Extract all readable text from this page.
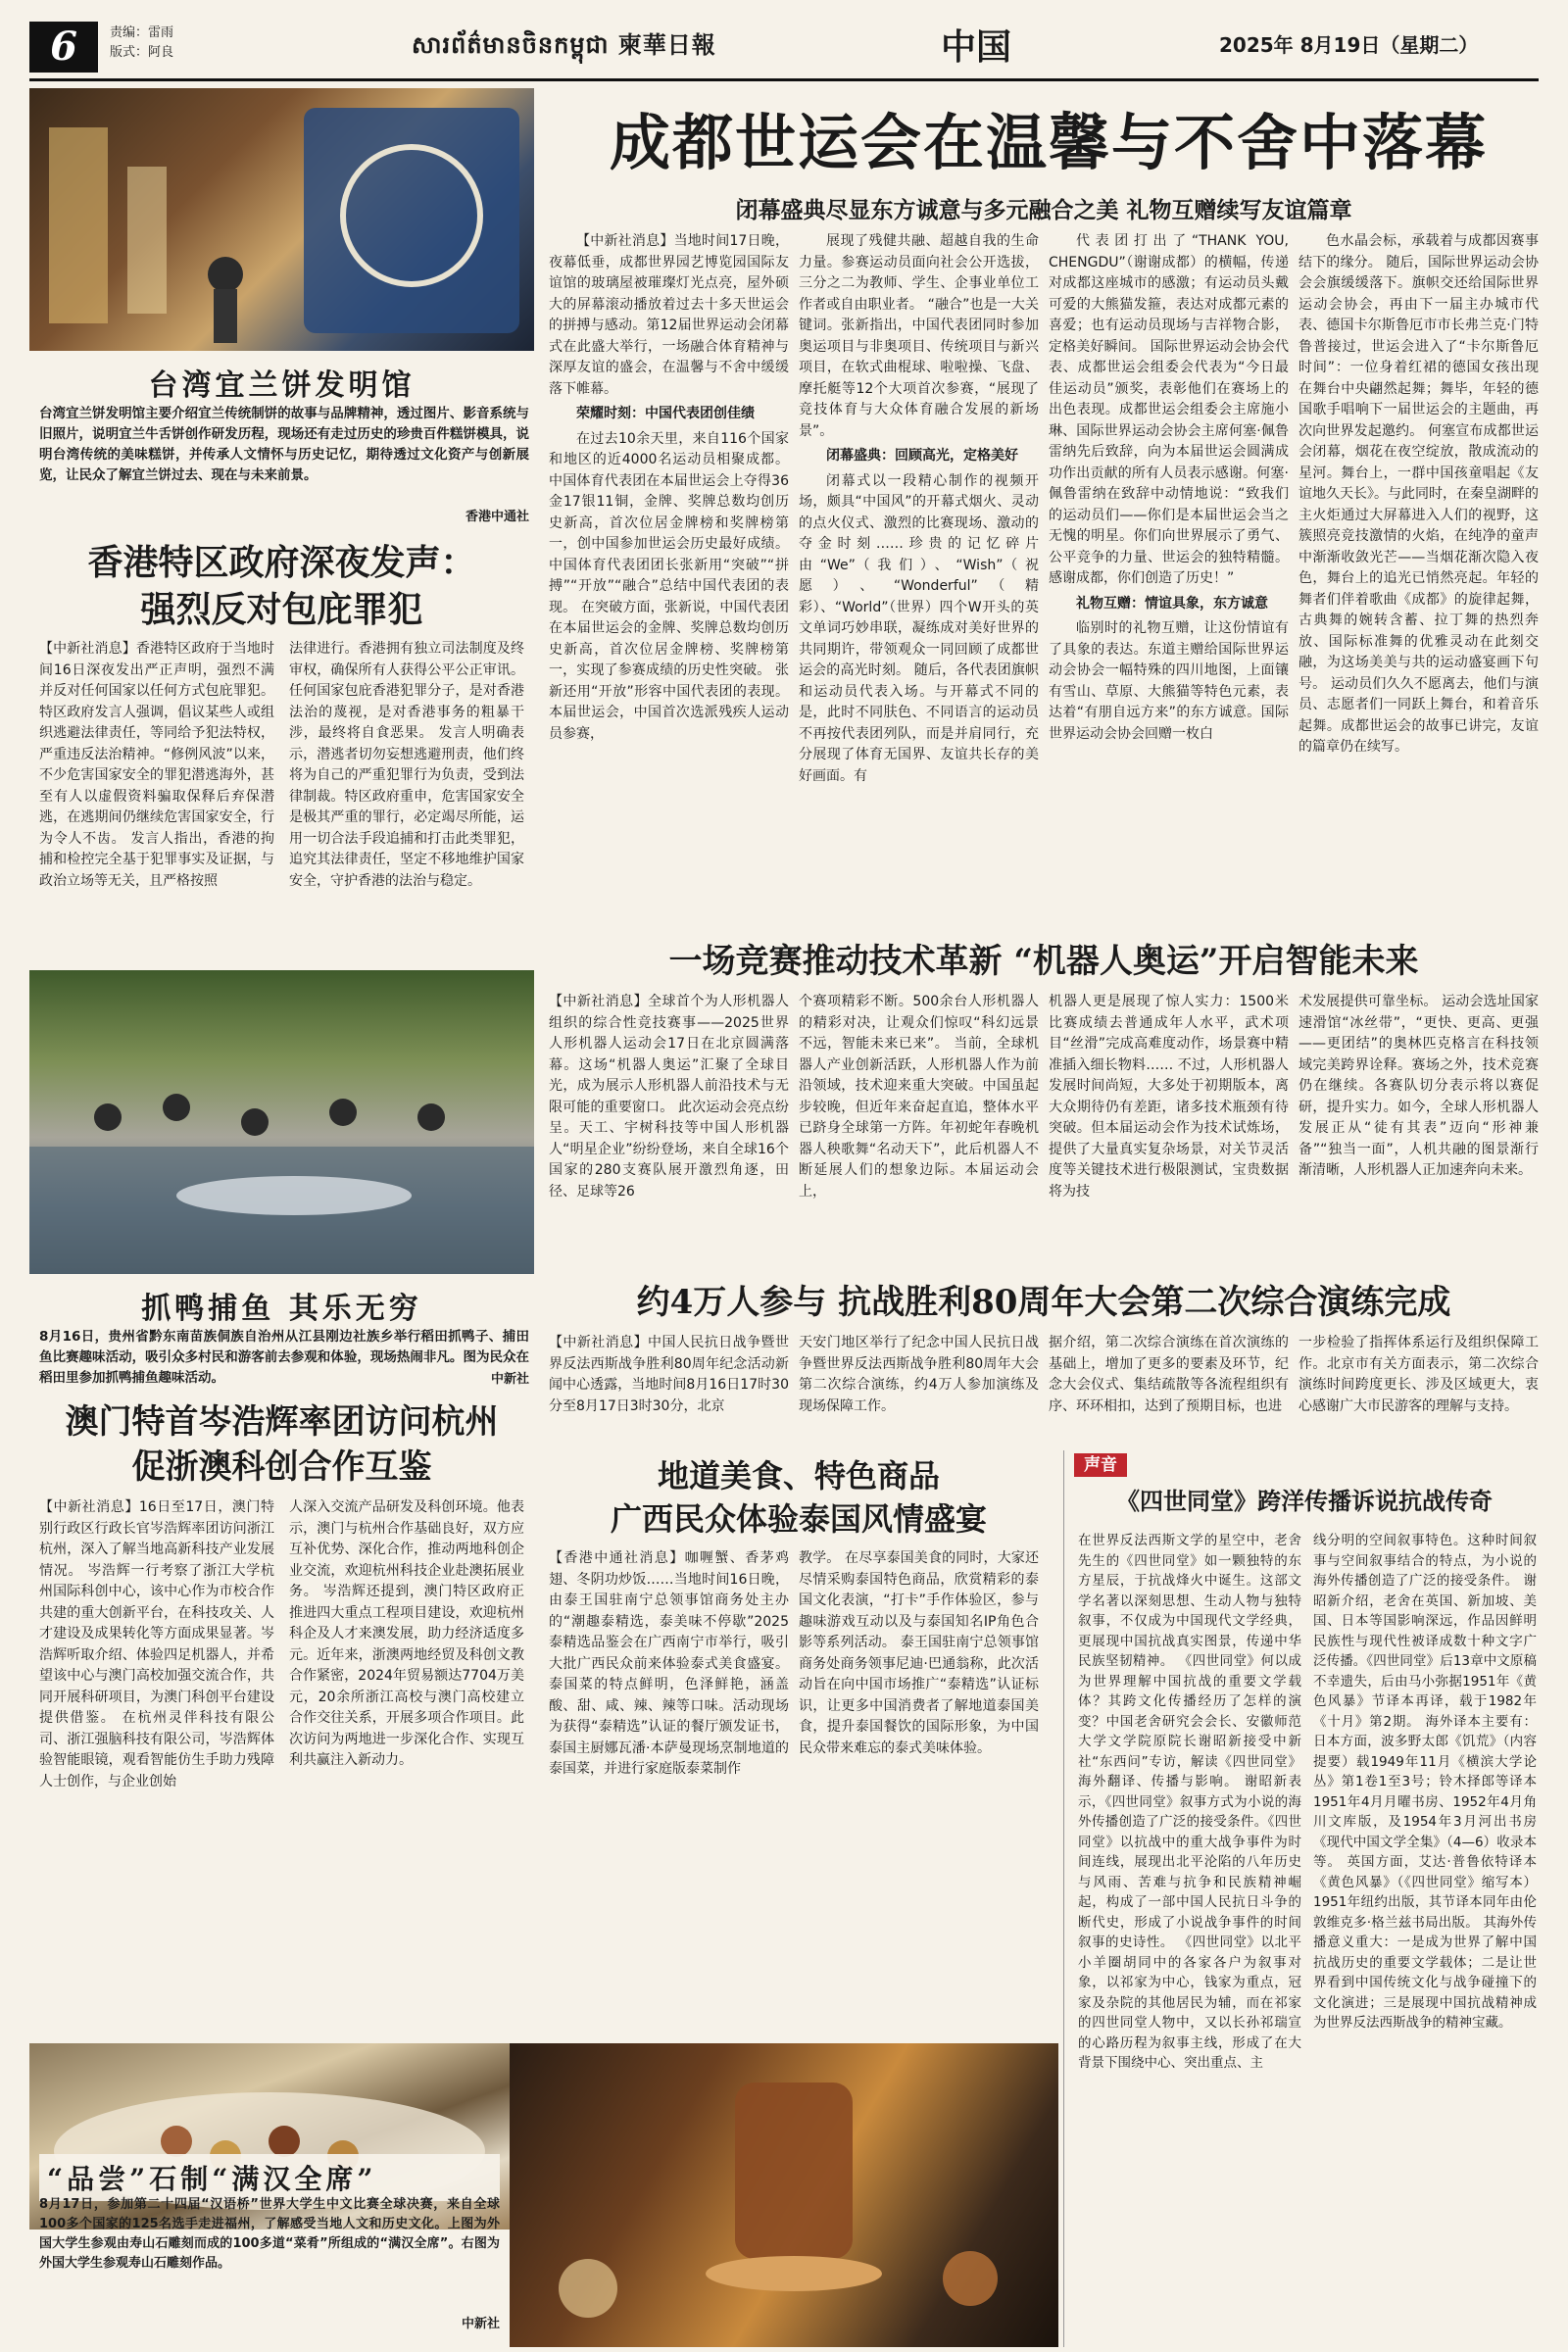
6	责编：雷雨
版式：阿良	សារព័ត៌មានចិនកម្ពុជា 柬華日報	中国	2025年 8月19日（星期二）
台湾宜兰饼发明馆
台湾宜兰饼发明馆主要介绍宜兰传统制饼的故事与品牌精神，透过图片、影音系统与旧照片，说明宜兰牛舌饼创作研发历程，现场还有走过历史的珍贵百件糕饼模具，说明台湾传统的美味糕饼，并传承人文情怀与历史记忆，期待透过文化资产与创新展览，让民众了解宜兰饼过去、现在与未来前景。
香港中通社
香港特区政府深夜发声：
强烈反对包庇罪犯
【中新社消息】香港特区政府于当地时间16日深夜发出严正声明，强烈不满并反对任何国家以任何方式包庇罪犯。 特区政府发言人强调，倡议某些人或组织逃避法律责任，等同给予犯法特权，严重违反法治精神。“修例风波”以来，不少危害国家安全的罪犯潜逃海外，甚至有人以虚假资料骗取保释后弃保潜逃，在逃期间仍继续危害国家安全，行为令人不齿。 发言人指出，香港的拘捕和检控完全基于犯罪事实及证据，与政治立场等无关，且严格按照
法律进行。香港拥有独立司法制度及终审权，确保所有人获得公平公正审讯。任何国家包庇香港犯罪分子，是对香港法治的蔑视，是对香港事务的粗暴干涉，最终将自食恶果。 发言人明确表示，潜逃者切勿妄想逃避刑责，他们终将为自己的严重犯罪行为负责，受到法律制裁。特区政府重申，危害国家安全是极其严重的罪行，必定竭尽所能，运用一切合法手段追捕和打击此类罪犯，追究其法律责任，坚定不移地维护国家安全，守护香港的法治与稳定。
抓鸭捕鱼 其乐无穷
8月16日，贵州省黔东南苗族侗族自治州从江县刚边社族乡举行稻田抓鸭子、捕田鱼比赛趣味活动，吸引众多村民和游客前去参观和体验，现场热闹非凡。图为民众在稻田里参加抓鸭捕鱼趣味活动。	中新社
澳门特首岑浩辉率团访问杭州
促浙澳科创合作互鉴
【中新社消息】16日至17日，澳门特别行政区行政长官岑浩辉率团访问浙江杭州，深入了解当地高新科技产业发展情况。 岑浩辉一行考察了浙江大学杭州国际科创中心，该中心作为市校合作共建的重大创新平台，在科技攻关、人才建设及成果转化等方面成果显著。岑浩辉听取介绍、体验四足机器人，并希望该中心与澳门高校加强交流合作，共同开展科研项目，为澳门科创平台建设提供借鉴。 在杭州灵伴科技有限公司、浙江强脑科技有限公司，岑浩辉体验智能眼镜，观看智能仿生手助力残障人士创作，与企业创始
人深入交流产品研发及科创环境。他表示，澳门与杭州合作基础良好，双方应互补优势、深化合作，推动两地科创企业交流，欢迎杭州科技企业赴澳拓展业务。 岑浩辉还提到，澳门特区政府正推进四大重点工程项目建设，欢迎杭州科企及人才来澳发展，助力经济适度多元。近年来，浙澳两地经贸及科创文教合作紧密，2024年贸易额达7704万美元，20余所浙江高校与澳门高校建立合作交往关系，开展多项合作项目。此次访问为两地进一步深化合作、实现互利共赢注入新动力。
“品尝”石制“满汉全席”
8月17日，参加第二十四届“汉语桥”世界大学生中文比赛全球决赛，来自全球100多个国家的125名选手走进福州，了解感受当地人文和历史文化。上图为外国大学生参观由寿山石雕刻而成的100多道“菜肴”所组成的“满汉全席”。右图为外国大学生参观寿山石雕刻作品。
中新社
成都世运会在温馨与不舍中落幕
闭幕盛典尽显东方诚意与多元融合之美 礼物互赠续写友谊篇章

【中新社消息】当地时间17日晚，夜幕低垂，成都世界园艺博览园国际友谊馆的玻璃屋被璀璨灯光点亮，屋外硕大的屏幕滚动播放着过去十多天世运会的拼搏与感动。第12届世界运动会闭幕式在此盛大举行，一场融合体育精神与深厚友谊的盛会，在温馨与不舍中缓缓落下帷幕。

荣耀时刻：中国代表团创佳绩

在过去10余天里，来自116个国家和地区的近4000名运动员相聚成都。中国体育代表团在本届世运会上夺得36金17银11铜，金牌、奖牌总数均创历史新高，首次位居金牌榜和奖牌榜第一，创中国参加世运会历史最好成绩。中国体育代表团团长张新用“突破”“拼搏”“开放”“融合”总结中国代表团的表现。 在突破方面，张新说，中国代表团在本届世运会的金牌、奖牌总数均创历史新高，首次位居金牌榜、奖牌榜第一，实现了参赛成绩的历史性突破。 张新还用“开放”形容中国代表团的表现。本届世运会，中国首次选派残疾人运动员参赛，

展现了残健共融、超越自我的生命力量。参赛运动员面向社会公开选拔，三分之二为教师、学生、企事业单位工作者或自由职业者。 “融合”也是一大关键词。张新指出，中国代表团同时参加奥运项目与非奥项目、传统项目与新兴项目，在软式曲棍球、啦啦操、飞盘、摩托艇等12个大项首次参赛，“展现了竞技体育与大众体育融合发展的新场景”。

闭幕盛典：回顾高光，定格美好

闭幕式以一段精心制作的视频开场，颇具“中国风”的开幕式烟火、灵动的点火仪式、激烈的比赛现场、激动的夺金时刻……珍贵的记忆碎片由“We”（我们）、“Wish”（祝愿）、“Wonderful”（精彩）、“World”（世界）四个W开头的英文单词巧妙串联，凝练成对美好世界的共同期许，带领观众一同回顾了成都世运会的高光时刻。 随后，各代表团旗帜和运动员代表入场。与开幕式不同的是，此时不同肤色、不同语言的运动员不再按代表团列队，而是并肩同行，充分展现了体育无国界、友谊共长存的美好画面。有

代表团打出了“THANK YOU, CHENGDU”（谢谢成都）的横幅，传递对成都这座城市的感激；有运动员头戴可爱的大熊猫发箍，表达对成都元素的喜爱；也有运动员现场与吉祥物合影，定格美好瞬间。 国际世界运动会协会代表、成都世运会组委会代表为“今日最佳运动员”颁奖，表彰他们在赛场上的出色表现。成都世运会组委会主席施小琳、国际世界运动会协会主席何塞·佩鲁雷纳先后致辞，向为本届世运会圆满成功作出贡献的所有人员表示感谢。何塞·佩鲁雷纳在致辞中动情地说：“致我们的运动员们——你们是本届世运会当之无愧的明星。你们向世界展示了勇气、公平竞争的力量、世运会的独特精髓。感谢成都，你们创造了历史！”

礼物互赠：情谊具象，东方诚意

临别时的礼物互赠，让这份情谊有了具象的表达。东道主赠给国际世界运动会协会一幅特殊的四川地图，上面镶有雪山、草原、大熊猫等特色元素，表达着“有朋自远方来”的东方诚意。国际世界运动会协会回赠一枚白

色水晶会标，承载着与成都因赛事结下的缘分。 随后，国际世界运动会协会会旗缓缓落下。旗帜交还给国际世界运动会协会，再由下一届主办城市代表、德国卡尔斯鲁厄市市长弗兰克·门特鲁普接过，世运会进入了“卡尔斯鲁厄时间”：一位身着红裙的德国女孩出现在舞台中央翩然起舞；舞毕，年轻的德国歌手唱响下一届世运会的主题曲，再次向世界发起邀约。 何塞宣布成都世运会闭幕，烟花在夜空绽放，散成流动的星河。舞台上，一群中国孩童唱起《友谊地久天长》。与此同时，在秦皇湖畔的主火炬通过大屏幕进入人们的视野，这簇照亮竞技激情的火焰，在纯净的童声中渐渐收敛光芒——当烟花渐次隐入夜色，舞台上的追光已悄然亮起。年轻的舞者们伴着歌曲《成都》的旋律起舞，古典舞的婉转含蓄、拉丁舞的热烈奔放、国际标准舞的优雅灵动在此刻交融，为这场美美与共的运动盛宴画下句号。 运动员们久久不愿离去，他们与演员、志愿者们一同跃上舞台，和着音乐起舞。成都世运会的故事已讲完，友谊的篇章仍在续写。

一场竞赛推动技术革新 “机器人奥运”开启智能未来
【中新社消息】全球首个为人形机器人组织的综合性竞技赛事——2025世界人形机器人运动会17日在北京圆满落幕。这场“机器人奥运”汇聚了全球目光，成为展示人形机器人前沿技术与无限可能的重要窗口。 此次运动会亮点纷呈。天工、宇树科技等中国人形机器人“明星企业”纷纷登场，来自全球16个国家的280支赛队展开激烈角逐，田径、足球等26
个赛项精彩不断。500余台人形机器人的精彩对决，让观众们惊叹“科幻远景不远，智能未来已来”。 当前，全球机器人产业创新活跃，人形机器人作为前沿领域，技术迎来重大突破。中国虽起步较晚，但近年来奋起直追，整体水平已跻身全球第一方阵。年初蛇年春晚机器人秧歌舞“名动天下”，此后机器人不断延展人们的想象边际。本届运动会上，
机器人更是展现了惊人实力：1500米比赛成绩去普通成年人水平，武术项目“丝滑”完成高难度动作，场景赛中精准插入细长物料…… 不过，人形机器人发展时间尚短，大多处于初期版本，离大众期待仍有差距，诸多技术瓶颈有待突破。但本届运动会作为技术试炼场，提供了大量真实复杂场景，对关节灵活度等关键技术进行极限测试，宝贵数据将为技
术发展提供可靠坐标。 运动会选址国家速滑馆“冰丝带”，“更快、更高、更强——更团结”的奥林匹克格言在科技领域完美跨界诠释。赛场之外，技术竞赛仍在继续。各赛队切分表示将以赛促研，提升实力。如今，全球人形机器人发展正从“徒有其表”迈向“形神兼备”“独当一面”，人机共融的图景渐行渐清晰，人形机器人正加速奔向未来。
约4万人参与 抗战胜利80周年大会第二次综合演练完成
【中新社消息】中国人民抗日战争暨世界反法西斯战争胜利80周年纪念活动新闻中心透露，当地时间8月16日17时30分至8月17日3时30分，北京
天安门地区举行了纪念中国人民抗日战争暨世界反法西斯战争胜利80周年大会第二次综合演练，约4万人参加演练及现场保障工作。
据介绍，第二次综合演练在首次演练的基础上，增加了更多的要素及环节，纪念大会仪式、集结疏散等各流程组织有序、环环相扣，达到了预期目标，也进
一步检验了指挥体系运行及组织保障工作。北京市有关方面表示，第二次综合演练时间跨度更长、涉及区域更大，衷心感谢广大市民游客的理解与支持。
地道美食、特色商品
广西民众体验泰国风情盛宴
【香港中通社消息】咖喱蟹、香茅鸡翅、冬阴功炒饭……当地时间16日晚，由泰王国驻南宁总领事馆商务处主办的“潮趣泰精选，泰美味不停歇”2025泰精选品鉴会在广西南宁市举行，吸引大批广西民众前来体验泰式美食盛宴。 泰国菜的特点鲜明，色泽鲜艳，涵盖酸、甜、咸、辣、辣等口味。活动现场为获得“泰精选”认证的餐厅颁发证书，泰国主厨娜瓦潘·本萨曼现场烹制地道的泰国菜，并进行家庭版泰菜制作
教学。 在尽享泰国美食的同时，大家还尽情采购泰国特色商品，欣赏精彩的泰国文化表演，“打卡”手作体验区，参与趣味游戏互动以及与泰国知名IP角色合影等系列活动。 泰王国驻南宁总领事馆商务处商务领事尼迪·巴通翁称，此次活动旨在向中国市场推广“泰精选”认证标识，让更多中国消费者了解地道泰国美食，提升泰国餐饮的国际形象，为中国民众带来难忘的泰式美味体验。
声音
《四世同堂》跨洋传播诉说抗战传奇
在世界反法西斯文学的星空中，老舍先生的《四世同堂》如一颗独特的东方星辰，于抗战烽火中诞生。这部文学名著以深刻思想、生动人物与独特叙事，不仅成为中国现代文学经典，更展现中国抗战真实图景，传递中华民族坚韧精神。 《四世同堂》何以成为世界理解中国抗战的重要文学载体？其跨文化传播经历了怎样的演变？中国老舍研究会会长、安徽师范大学文学院原院长谢昭新接受中新社“东西问”专访，解读《四世同堂》海外翻译、传播与影响。 谢昭新表示，《四世同堂》叙事方式为小说的海外传播创造了广泛的接受条件。《四世同堂》以抗战中的重大战争事件为时间连线，展现出北平沦陷的八年历史与风雨、苦难与抗争和民族精神崛起，构成了一部中国人民抗日斗争的断代史，形成了小说战争事件的时间叙事的史诗性。 《四世同堂》以北平小羊圈胡同中的各家各户为叙事对象，以祁家为中心，钱家为重点，冠家及杂院的其他居民为辅，而在祁家的四世同堂人物中，又以长孙祁瑞宣的心路历程为叙事主线，形成了在大背景下围绕中心、突出重点、主
线分明的空间叙事特色。这种时间叙事与空间叙事结合的特点，为小说的海外传播创造了广泛的接受条件。 谢昭新介绍，老舍在英国、新加坡、美国、日本等国影响深远，作品因鲜明民族性与现代性被译成数十种文字广泛传播。《四世同堂》后13章中文原稿不幸遗失，后由马小弥据1951年《黄色风暴》节译本再译，载于1982年《十月》第2期。 海外译本主要有：日本方面，波多野太郎《饥荒》（内容提要）载1949年11月《横滨大学论丛》第1卷1至3号；铃木择郎等译本1951年4月月曜书房、1952年4月角川文库版，及1954年3月河出书房《现代中国文学全集》（4—6）收录本等。 英国方面，艾达·普鲁依特译本《黄色风暴》（《四世同堂》缩写本）1951年纽约出版，其节译本同年由伦敦维克多·格兰兹书局出版。 其海外传播意义重大：一是成为世界了解中国抗战历史的重要文学载体；二是让世界看到中国传统文化与战争碰撞下的文化演进；三是展现中国抗战精神成为世界反法西斯战争的精神宝藏。
